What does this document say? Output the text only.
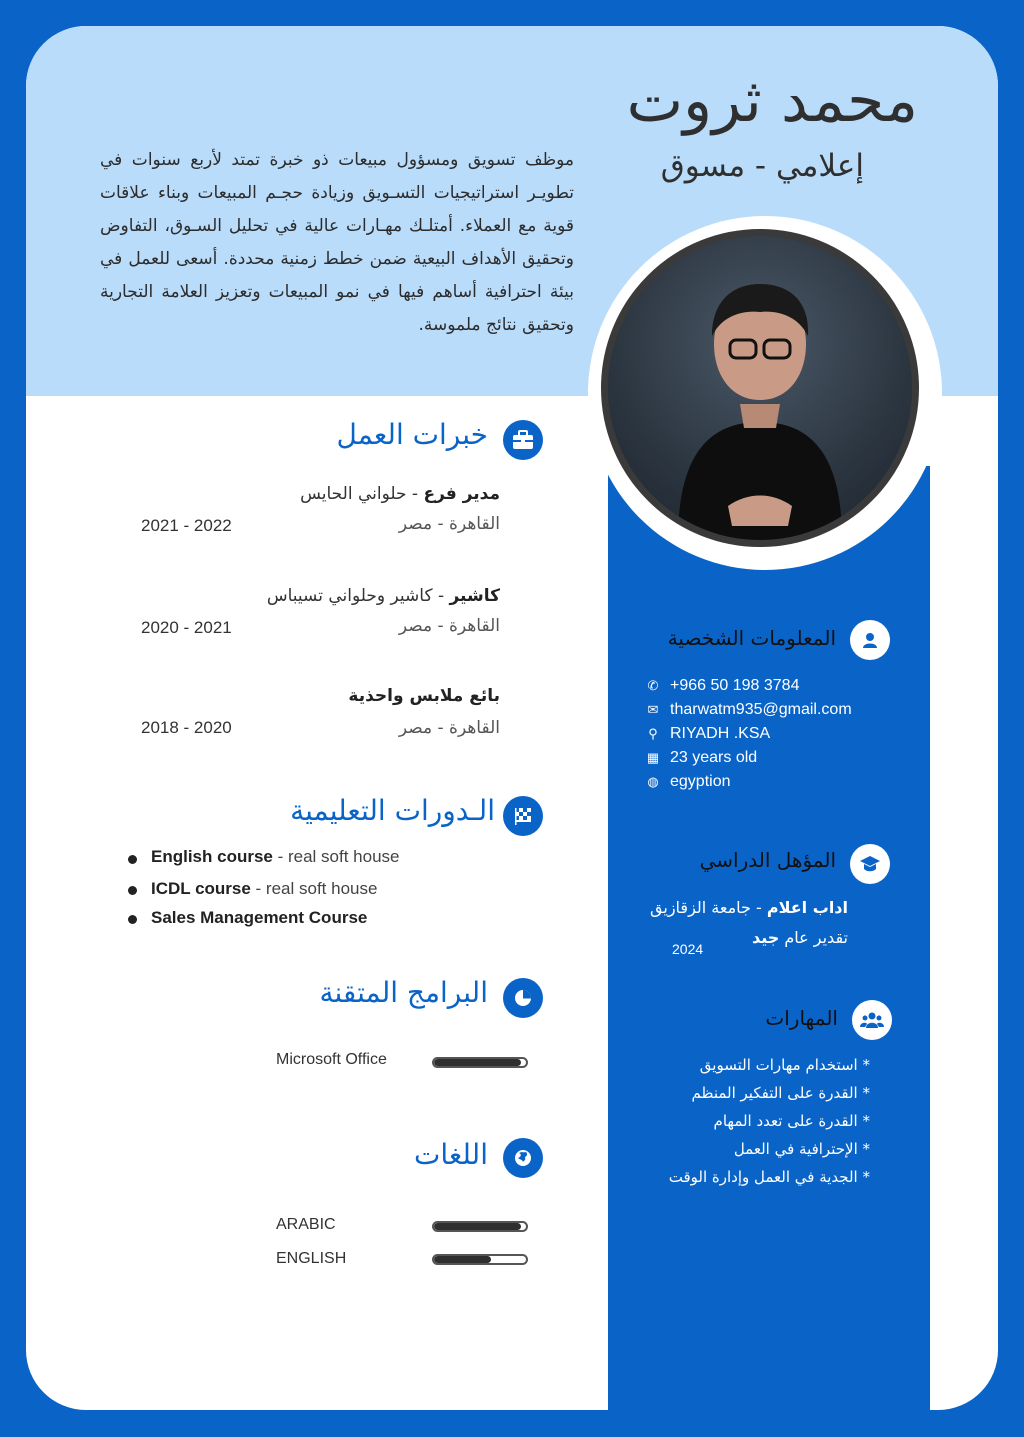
محمد ثروت
إعلامي - مسوق
موظف تسويق ومسؤول مبيعات ذو خبرة تمتد لأربع سنوات في تطويـر استراتيجيات التسـويق وزيادة حجـم المبيعات وبناء علاقات قوية مع العملاء. أمتلـك مهـارات عالية في تحليل السـوق، التفاوض وتحقيق الأهداف البيعية ضمن خطط زمنية محددة. أسعى للعمل في بيئة احترافية أساهم فيها في نمو المبيعات وتعزيز العلامة التجارية وتحقيق نتائج ملموسة.
خبرات العمل
مدير فرع - حلواني الحايس
القاهرة - مصر
2021 - 2022
كاشير - كاشير وحلواني تسيباس
القاهرة - مصر
2020 - 2021
بائع ملابس واحذية
القاهرة - مصر
2018 - 2020
الـدورات التعليمية
English course - real soft house
ICDL course - real soft house
Sales Management Course
البرامج المتقنة
Microsoft Office
اللغات
ARABIC
ENGLISH
المعلومات الشخصية
✆ +966 50 198 3784
✉ tharwatm935@gmail.com
⚲ RIYADH .KSA
▦ 23 years old
◍ egyption
المؤهل الدراسي
اداب اعلام - جامعة الزقازيق
تقدير عام جيد
2024
المهارات
* استخدام مهارات التسويق
* القدرة على التفكير المنظم
* القدرة على تعدد المهام
* الإحترافية في العمل
* الجدية في العمل وإدارة الوقت
